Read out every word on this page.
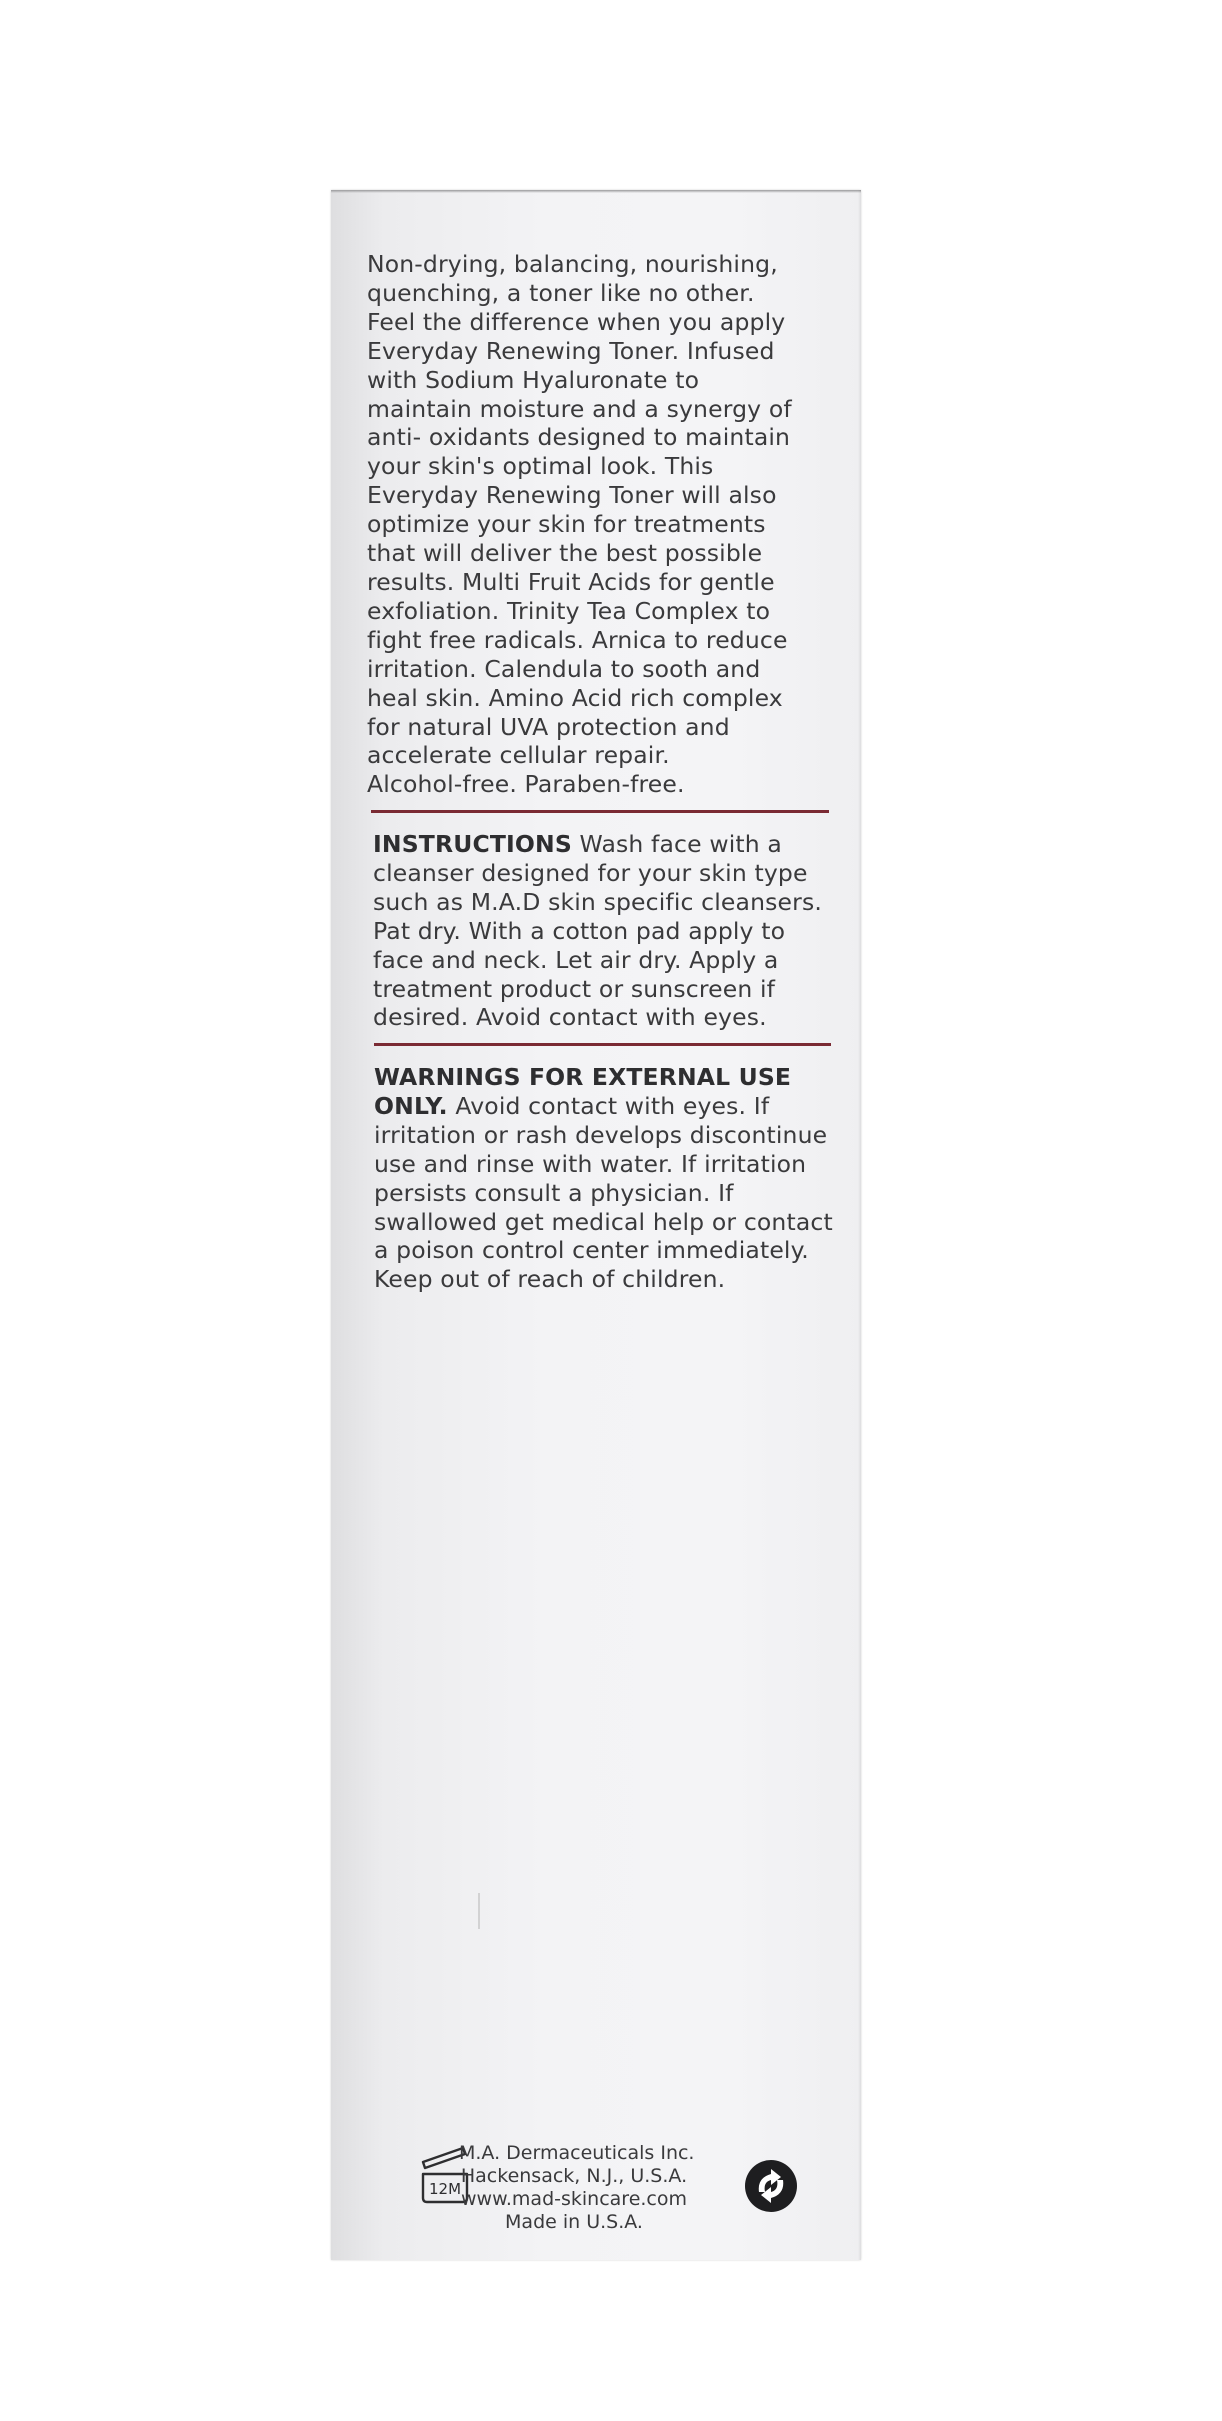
Non-drying, balancing, nourishing,
quenching, a toner like no other.
Feel the difference when you apply
Everyday Renewing Toner. Infused
with Sodium Hyaluronate to
maintain moisture and a synergy of
anti- oxidants designed to maintain
your skin's optimal look. This
Everyday Renewing Toner will also
optimize your skin for treatments
that will deliver the best possible
results. Multi Fruit Acids for gentle
exfoliation. Trinity Tea Complex to
fight free radicals. Arnica to reduce
irritation. Calendula to sooth and
heal skin. Amino Acid rich complex
for natural UVA protection and
accelerate cellular repair.
Alcohol-free. Paraben-free.
INSTRUCTIONS Wash face with a
cleanser designed for your skin type
such as M.A.D skin specific cleansers.
Pat dry. With a cotton pad apply to
face and neck. Let air dry. Apply a
treatment product or sunscreen if
desired. Avoid contact with eyes.
WARNINGS FOR EXTERNAL USE
ONLY. Avoid contact with eyes. If
irritation or rash develops discontinue
use and rinse with water. If irritation
persists consult a physician. If
swallowed get medical help or contact
a poison control center immediately.
Keep out of reach of children.
12M
M.A. Dermaceuticals Inc.
Hackensack, N.J., U.S.A.
www.mad-skincare.com
Made in U.S.A.
